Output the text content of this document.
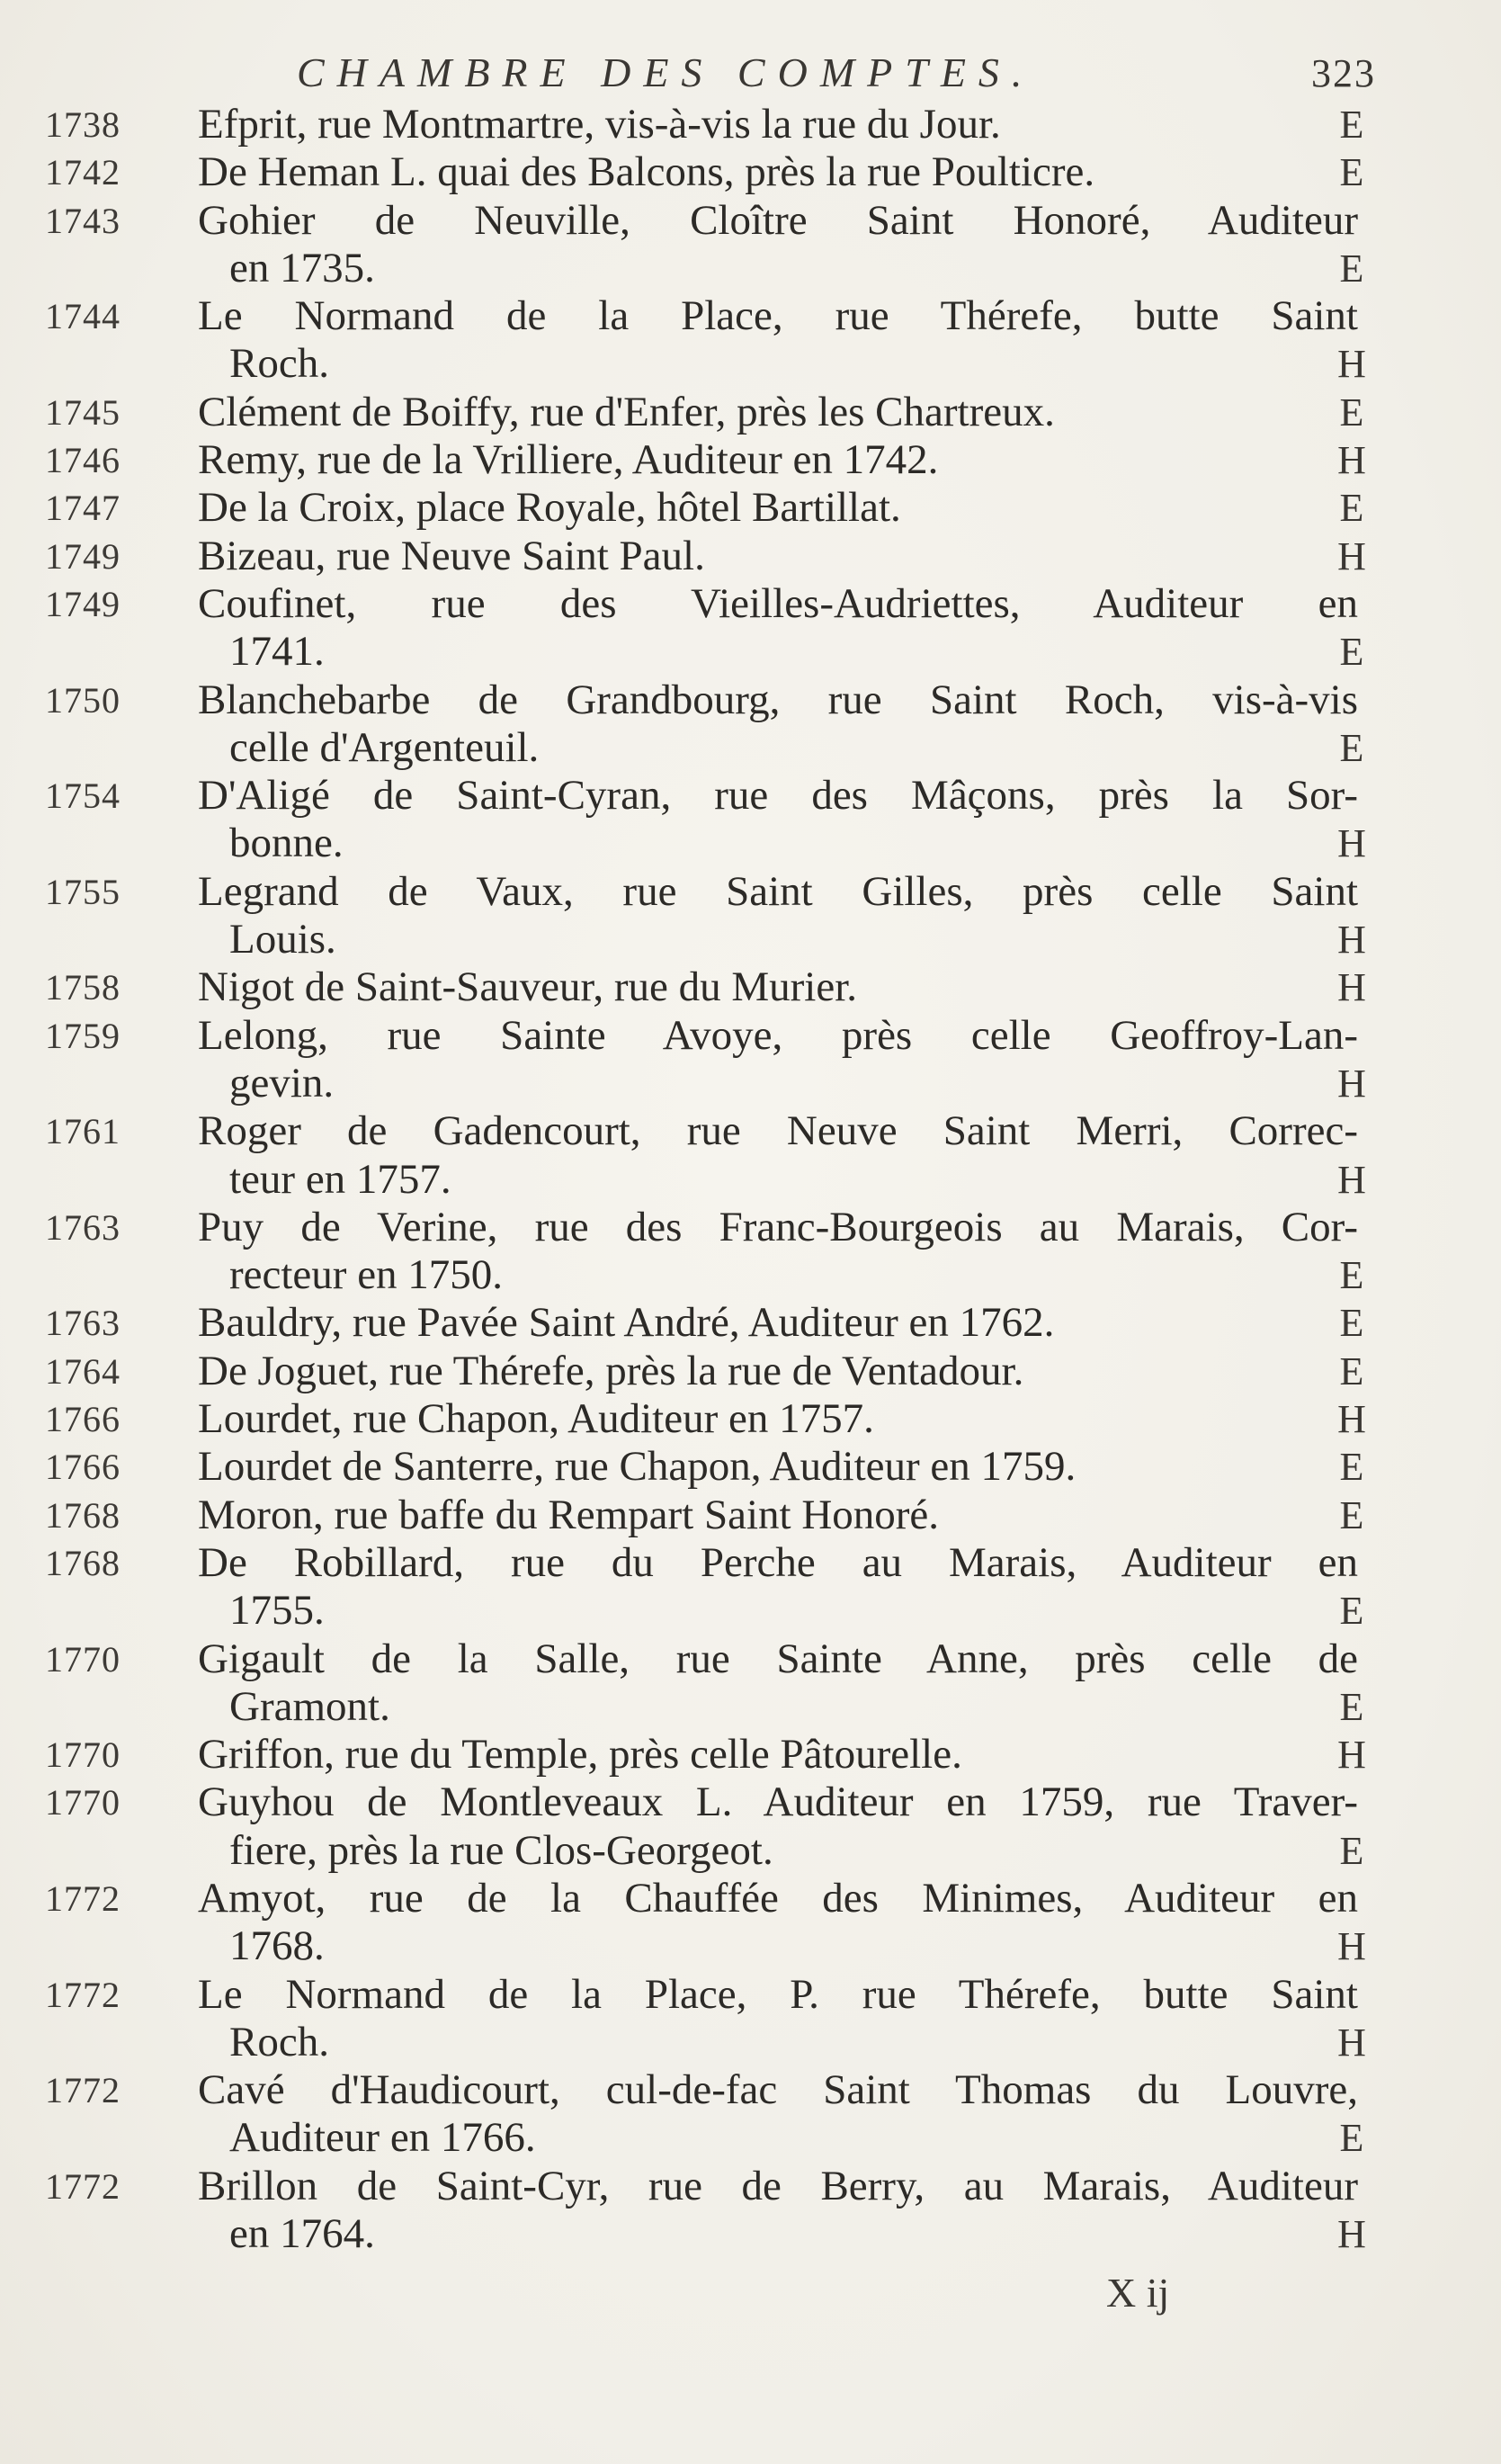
CHAMBRE DES COMPTES.	323
1738 Efprit, rue Montmartre, vis-à-vis la rue du Jour.	E
1742 De Heman L. quai des Balcons, près la rue Poulticre.	E
1743 Gohier de Neuville, Cloître Saint Honoré, Auditeur
en 1735.	E
1744 Le Normand de la Place, rue Thérefe, butte Saint
Roch.	H
1745 Clément de Boiffy, rue d'Enfer, près les Chartreux.	E
1746 Remy, rue de la Vrilliere, Auditeur en 1742.	H
1747 De la Croix, place Royale, hôtel Bartillat.	E
1749 Bizeau, rue Neuve Saint Paul.	H
1749 Coufinet, rue des Vieilles-Audriettes, Auditeur en
1741.	E
1750 Blanchebarbe de Grandbourg, rue Saint Roch, vis-à-vis
celle d'Argenteuil.	E
1754 D'Aligé de Saint-Cyran, rue des Mâçons, près la Sor-
bonne.	H
1755 Legrand de Vaux, rue Saint Gilles, près celle Saint
Louis.	H
1758 Nigot de Saint-Sauveur, rue du Murier.	H
1759 Lelong, rue Sainte Avoye, près celle Geoffroy-Lan-
gevin.	H
1761 Roger de Gadencourt, rue Neuve Saint Merri, Correc-
teur en 1757.	H
1763 Puy de Verine, rue des Franc-Bourgeois au Marais, Cor-
recteur en 1750.	E
1763 Bauldry, rue Pavée Saint André, Auditeur en 1762.	E
1764 De Joguet, rue Thérefe, près la rue de Ventadour.	E
1766 Lourdet, rue Chapon, Auditeur en 1757.	H
1766 Lourdet de Santerre, rue Chapon, Auditeur en 1759.	E
1768 Moron, rue baffe du Rempart Saint Honoré.	E
1768 De Robillard, rue du Perche au Marais, Auditeur en
1755.	E
1770 Gigault de la Salle, rue Sainte Anne, près celle de
Gramont.	E
1770 Griffon, rue du Temple, près celle Pâtourelle.	H
1770 Guyhou de Montleveaux L. Auditeur en 1759, rue Traver-
fiere, près la rue Clos-Georgeot.	E
1772 Amyot, rue de la Chauffée des Minimes, Auditeur en
1768.	H
1772 Le Normand de la Place, P. rue Thérefe, butte Saint
Roch.	H
1772 Cavé d'Haudicourt, cul-de-fac Saint Thomas du Louvre,
Auditeur en 1766.	E
1772 Brillon de Saint-Cyr, rue de Berry, au Marais, Auditeur
en 1764.	H
X ij
